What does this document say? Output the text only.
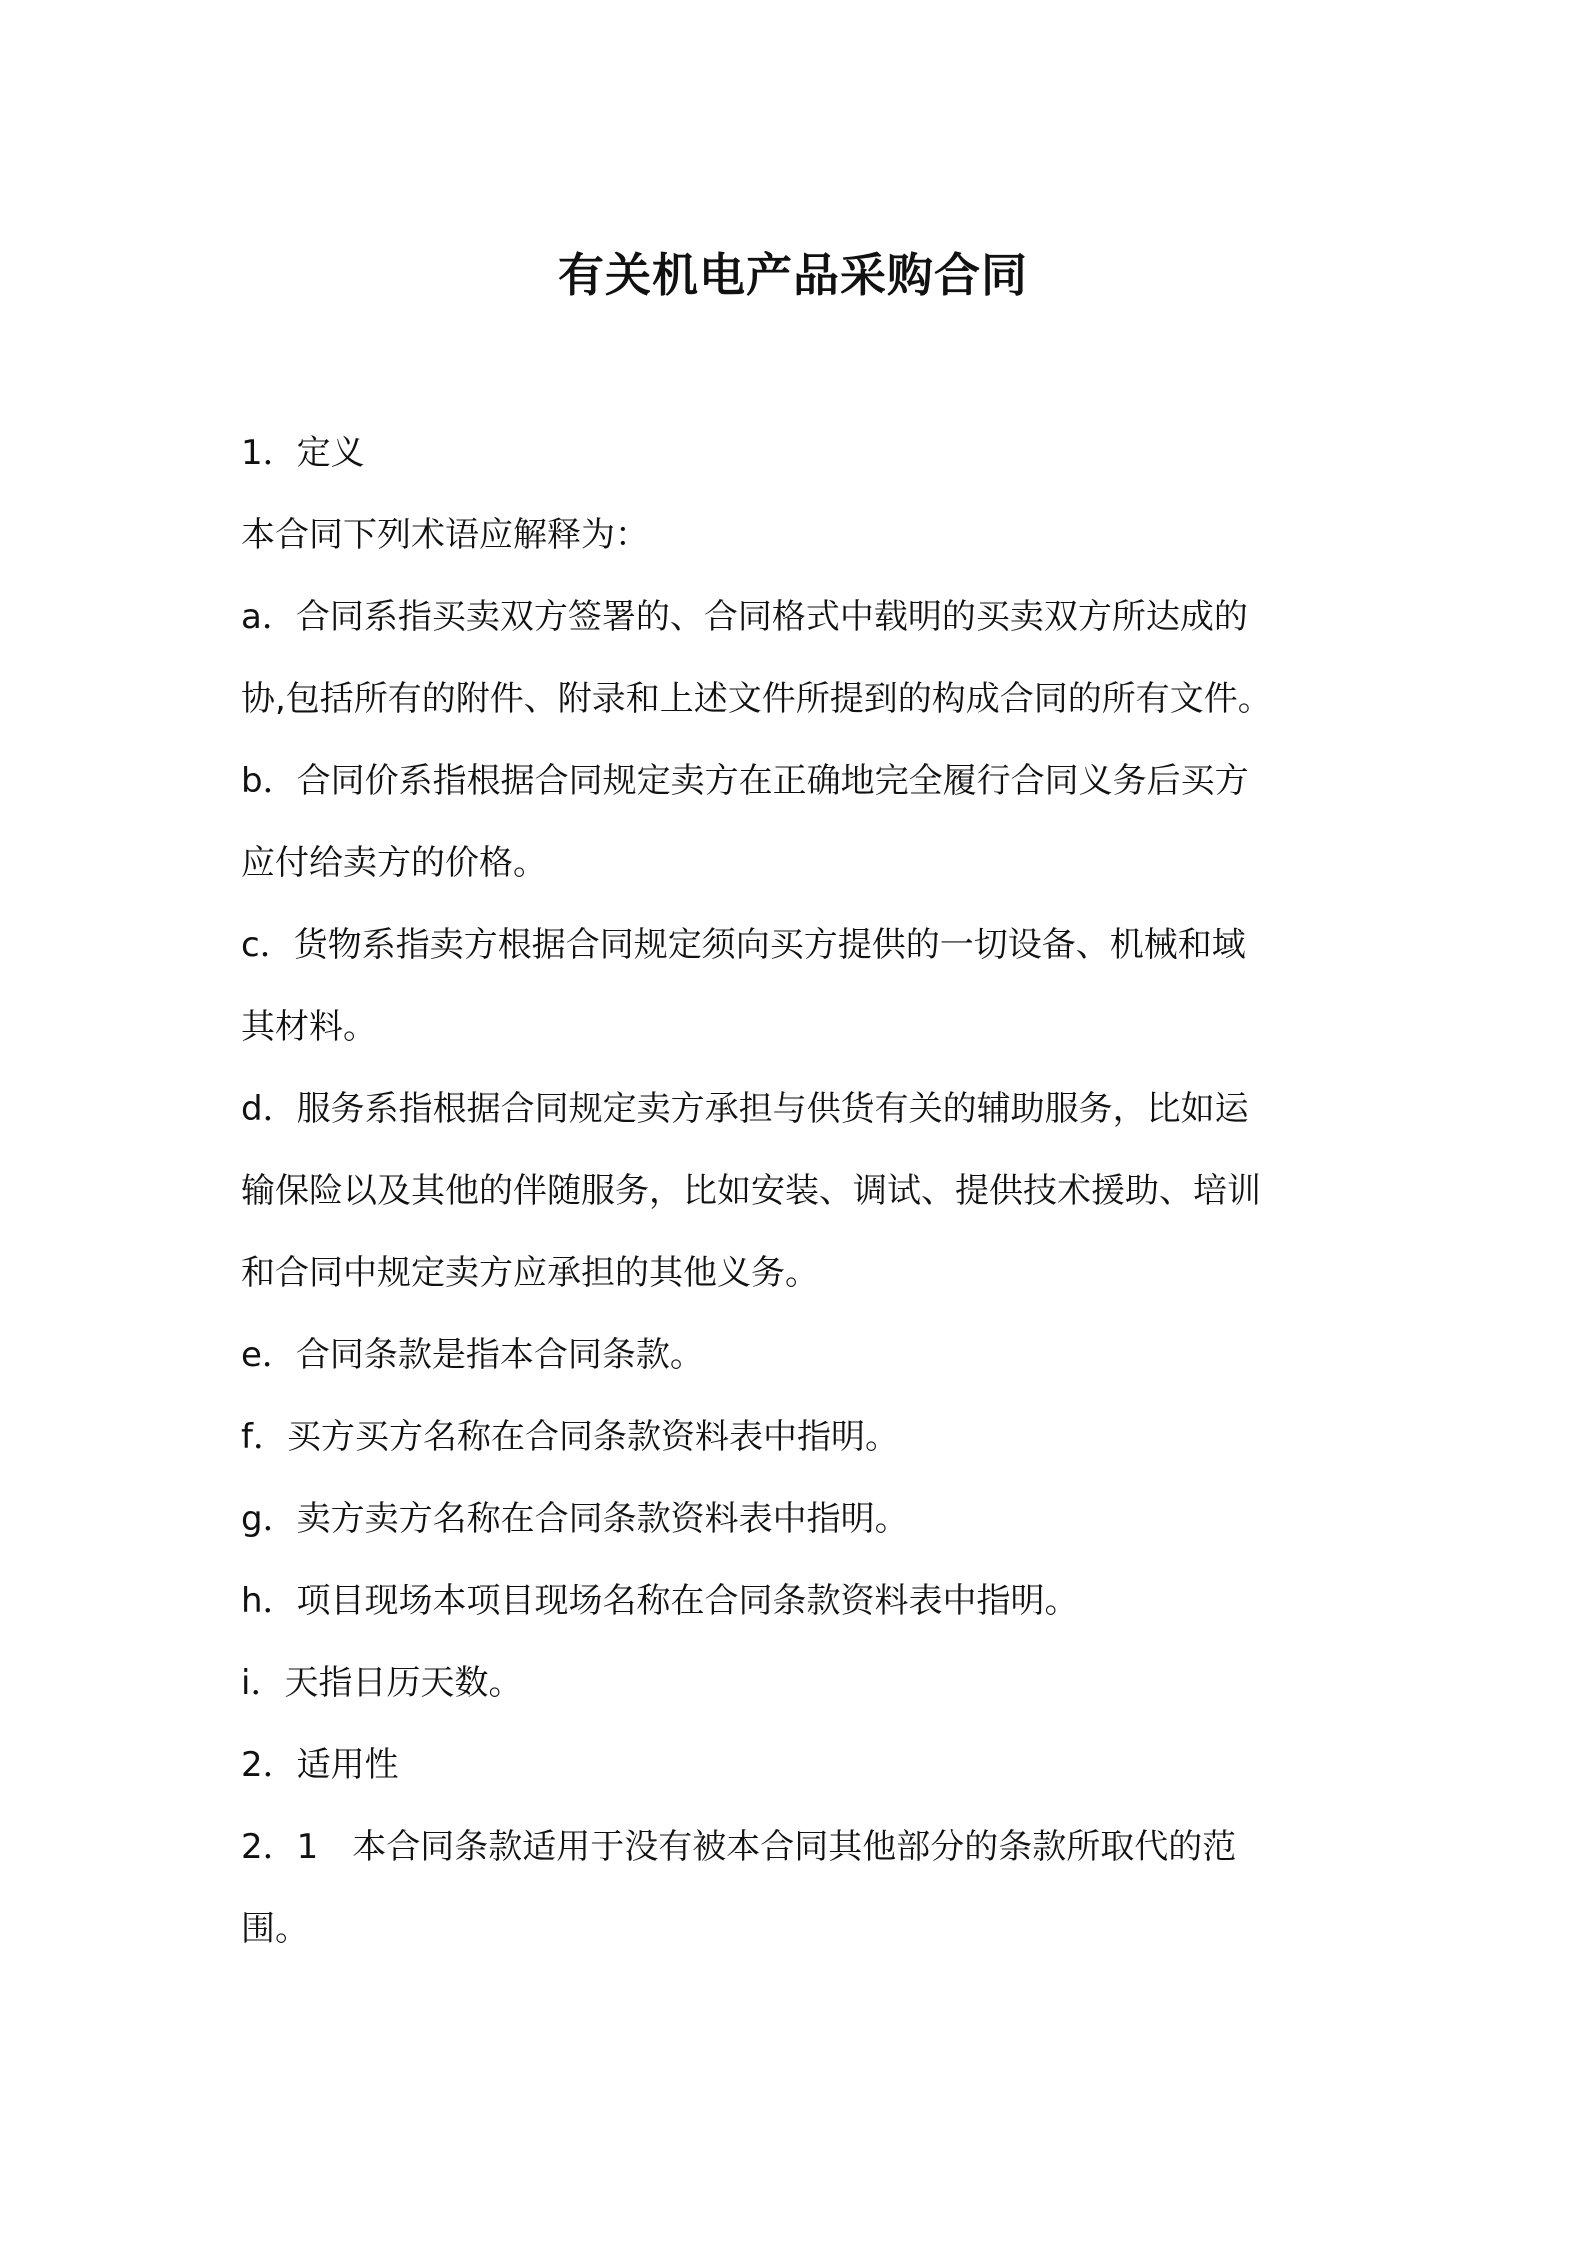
有关机电产品采购合同

1．定义

本合同下列术语应解释为：

a．合同系指买卖双方签署的、合同格式中载明的买卖双方所达成的

协,包括所有的附件、附录和上述文件所提到的构成合同的所有文件。

b．合同价系指根据合同规定卖方在正确地完全履行合同义务后买方

应付给卖方的价格。

c．货物系指卖方根据合同规定须向买方提供的一切设备、机械和域

其材料。

d．服务系指根据合同规定卖方承担与供货有关的辅助服务，比如运

输保险以及其他的伴随服务，比如安装、调试、提供技术援助、培训

和合同中规定卖方应承担的其他义务。

e．合同条款是指本合同条款。

f．买方买方名称在合同条款资料表中指明。

g．卖方卖方名称在合同条款资料表中指明。

h．项目现场本项目现场名称在合同条款资料表中指明。

i．天指日历天数。

2．适用性

2．1　本合同条款适用于没有被本合同其他部分的条款所取代的范

围。
